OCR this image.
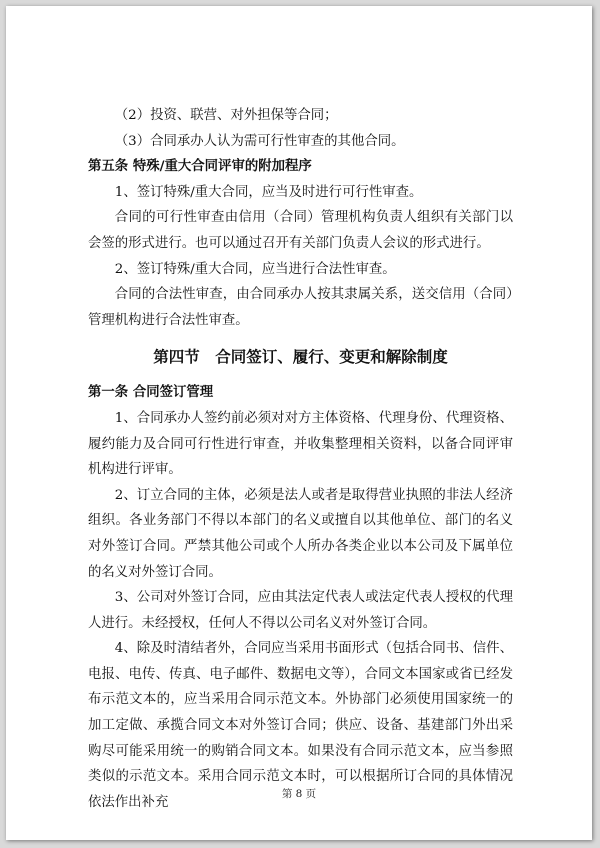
（2）投资、联营、对外担保等合同；

（3）合同承办人认为需可行性审查的其他合同。

第五条 特殊/重大合同评审的附加程序

1、签订特殊/重大合同，应当及时进行可行性审查。

合同的可行性审查由信用（合同）管理机构负责人组织有关部门以会签的形式进行。也可以通过召开有关部门负责人会议的形式进行。

2、签订特殊/重大合同，应当进行合法性审查。

合同的合法性审查，由合同承办人按其隶属关系，送交信用（合同）管理机构进行合法性审查。

第四节　合同签订、履行、变更和解除制度

第一条 合同签订管理

1、合同承办人签约前必须对对方主体资格、代理身份、代理资格、履约能力及合同可行性进行审查，并收集整理相关资料，以备合同评审机构进行评审。

2、订立合同的主体，必须是法人或者是取得营业执照的非法人经济组织。各业务部门不得以本部门的名义或擅自以其他单位、部门的名义对外签订合同。严禁其他公司或个人所办各类企业以本公司及下属单位的名义对外签订合同。

3、公司对外签订合同，应由其法定代表人或法定代表人授权的代理人进行。未经授权，任何人不得以公司名义对外签订合同。

4、除及时清结者外，合同应当采用书面形式（包括合同书、信件、电报、电传、传真、电子邮件、数据电文等），合同文本国家或省已经发布示范文本的，应当采用合同示范文本。外协部门必须使用国家统一的加工定做、承揽合同文本对外签订合同；供应、设备、基建部门外出采购尽可能采用统一的购销合同文本。如果没有合同示范文本，应当参照类似的示范文本。采用合同示范文本时，可以根据所订合同的具体情况依法作出补充

第 8 页
